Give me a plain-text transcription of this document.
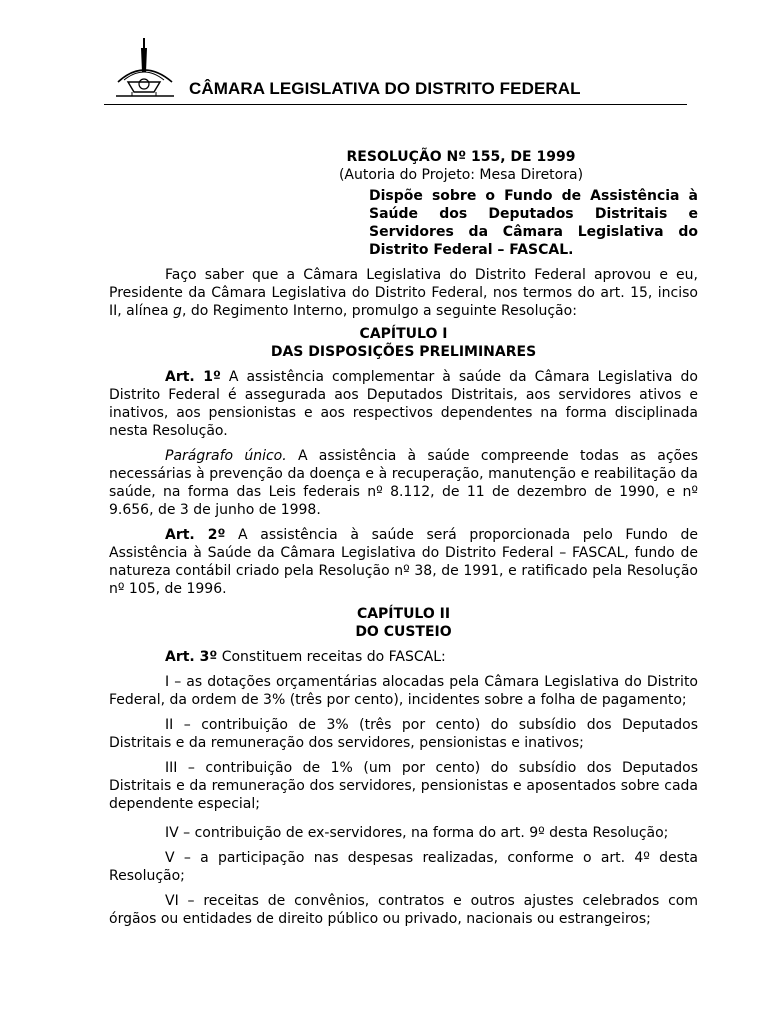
CÂMARA LEGISLATIVA DO DISTRITO FEDERAL
RESOLUÇÃO Nº 155, DE 1999
(Autoria do Projeto: Mesa Diretora)
Dispõe sobre o Fundo de Assistência à Saúde dos Deputados Distritais e Servidores da Câmara Legislativa do Distrito Federal – FASCAL.

Faço saber que a Câmara Legislativa do Distrito Federal aprovou e eu, Presidente da Câmara Legislativa do Distrito Federal, nos termos do art. 15, inciso II, alínea g, do Regimento Interno, promulgo a seguinte Resolução:

CAPÍTULO I
DAS DISPOSIÇÕES PRELIMINARES

Art. 1º A assistência complementar à saúde da Câmara Legislativa do Distrito Federal é assegurada aos Deputados Distritais, aos servidores ativos e inativos, aos pensionistas e aos respectivos dependentes na forma disciplinada nesta Resolução.

Parágrafo único. A assistência à saúde compreende todas as ações necessárias à prevenção da doença e à recuperação, manutenção e reabilitação da saúde, na forma das Leis federais nº 8.112, de 11 de dezembro de 1990, e nº 9.656, de 3 de junho de 1998.

Art. 2º A assistência à saúde será proporcionada pelo Fundo de Assistência à Saúde da Câmara Legislativa do Distrito Federal – FASCAL, fundo de natureza contábil criado pela Resolução nº 38, de 1991, e ratificado pela Resolução nº 105, de 1996.

CAPÍTULO II
DO CUSTEIO

Art. 3º Constituem receitas do FASCAL:

I – as dotações orçamentárias alocadas pela Câmara Legislativa do Distrito Federal, da ordem de 3% (três por cento), incidentes sobre a folha de pagamento;

II – contribuição de 3% (três por cento) do subsídio dos Deputados Distritais e da remuneração dos servidores, pensionistas e inativos;

III – contribuição de 1% (um por cento) do subsídio dos Deputados Distritais e da remuneração dos servidores, pensionistas e aposentados sobre cada dependente especial;

IV – contribuição de ex-servidores, na forma do art. 9º desta Resolução;

V – a participação nas despesas realizadas, conforme o art. 4º desta Resolução;

VI – receitas de convênios, contratos e outros ajustes celebrados com órgãos ou entidades de direito público ou privado, nacionais ou estrangeiros;
